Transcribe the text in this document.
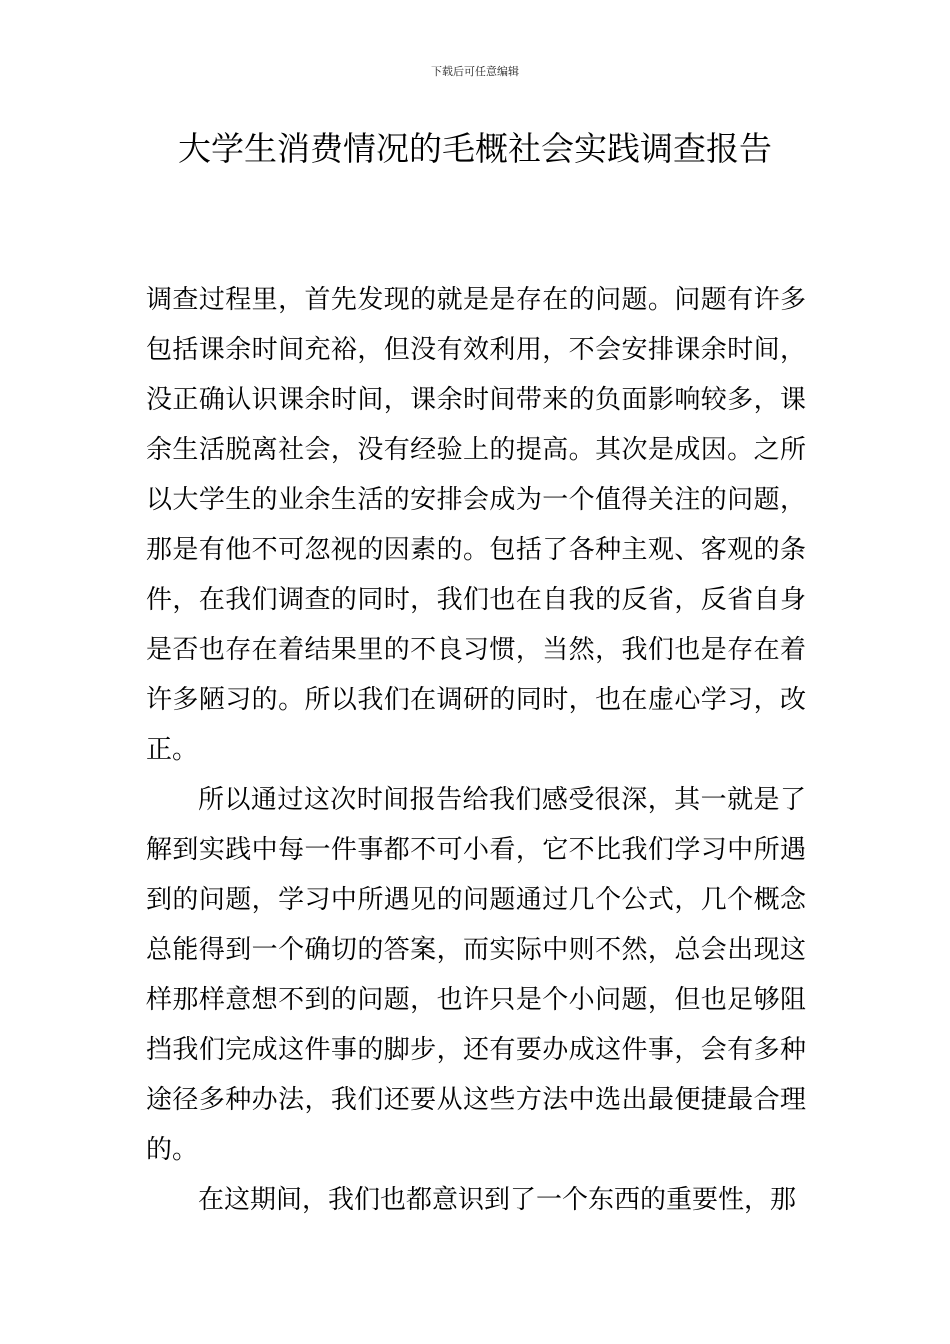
下载后可任意编辑
大学生消费情况的毛概社会实践调查报告

调查过程里，首先发现的就是是存在的问题。问题有许多包括课余时间充裕，但没有效利用，不会安排课余时间，没正确认识课余时间，课余时间带来的负面影响较多，课余生活脱离社会，没有经验上的提高。其次是成因。之所以大学生的业余生活的安排会成为一个值得关注的问题，那是有他不可忽视的因素的。包括了各种主观、客观的条件，在我们调查的同时，我们也在自我的反省，反省自身是否也存在着结果里的不良习惯，当然，我们也是存在着许多陋习的。所以我们在调研的同时，也在虚心学习，改正。

所以通过这次时间报告给我们感受很深，其一就是了解到实践中每一件事都不可小看，它不比我们学习中所遇到的问题，学习中所遇见的问题通过几个公式，几个概念总能得到一个确切的答案，而实际中则不然，总会出现这样那样意想不到的问题，也许只是个小问题，但也足够阻挡我们完成这件事的脚步，还有要办成这件事，会有多种途径多种办法，我们还要从这些方法中选出最便捷最合理的。

在这期间，我们也都意识到了一个东西的重要性，那
